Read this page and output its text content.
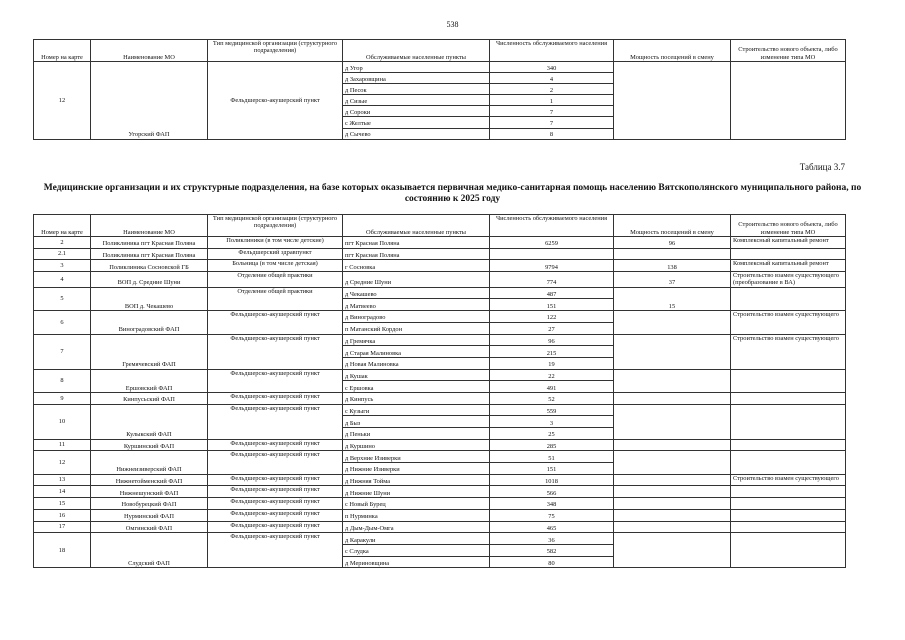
538
Номер на карте	Наименование МО	Тип медицинской организации (структурного подразделения)	Обслуживаемые населенные пункты	Численность обслуживаемого населения	Мощность посещений в смену	Строительство нового объекта, либо изменение типа МО
12	Угорский ФАП	Фельдшерско-акушерский пункт	д Угор	340		
			д Захаровщина	4		
			д Песок	2		
			д Сизые	1		
			д Сороки	7		
			с Желтые	7		
			д Сычево	8		
Таблица 3.7
Медицинские организации и их структурные подразделения, на базе которых оказывается первичная медико-санитарная помощь населению Вятскополянского муниципального района, по состоянию к 2025 году
Номер на карте	Наименование МО	Тип медицинской организации (структурного подразделения)	Обслуживаемые населенные пункты	Численность обслуживаемого населения	Мощность посещений в смену	Строительство нового объекта, либо изменение типа МО
2	Поликлиника пгт Красная Поляна	Поликлиники (в том числе детские)	пгт Красная Поляна	6259	96	Комплексный капитальный ремонт
2.1	Поликлиника пгт Красная Поляна	Фельдшерский здравпункт	пгт Красная Поляна			
3	Поликлиника Сосновской ГБ	Больница (в том числе детская)	г Сосновка	9794	138	Комплексный капитальный ремонт
4	ВОП д. Средние Шуни	Отделение общей практики	д Средние Шуни	774	37	Строительство взамен существующего (преобразование в ВА)
5	ВОП д. Чекашево	Отделение общей практики	д Чекашево	487	15	
			д Матвеево	151		
6	Виноградовский ФАП	Фельдшерско-акушерский пункт	д Виноградово	122		Строительство взамен существующего
			п Матанский Кордон	27		
7	Гремячевский ФАП	Фельдшерско-акушерский пункт	д Гремячка	96		Строительство взамен существующего
			д Старая Малиновка	215		
			д Новая Малиновка	19		
8	Ершовский ФАП	Фельдшерско-акушерский пункт	д Кушак	22		
			с Ершовка	491		
9	Кинпусьский ФАП	Фельдшерско-акушерский пункт	д Кинпусь	52		
10	Кулыкский ФАП	Фельдшерско-акушерский пункт	с Кузыги	559		
			д Быз	3		
			д Пеньки	25		
11	Куршинский ФАП	Фельдшерско-акушерский пункт	д Куршино	285		
12	Нижнеизиверский ФАП	Фельдшерско-акушерский пункт	д Верхние Изиверки	51		
			д Нижние Изиверки	151		
13	Нижнетойменский ФАП	Фельдшерско-акушерский пункт	д Нижняя Тойма	1018		Строительство взамен существующего
14	Нижнешунский ФАП	Фельдшерско-акушерский пункт	д Нижние Шуни	566		
15	Новобурецкий ФАП	Фельдшерско-акушерский пункт	с Новый Бурец	348		
16	Нурминский ФАП	Фельдшерско-акушерский пункт	п Нурминка	75		
17	Омгинский ФАП	Фельдшерско-акушерский пункт	д Дым-Дым-Омга	465		
18	Слудский ФАП	Фельдшерско-акушерский пункт	д Каракули	36		
			с Слудка	582		
			д Мериновщина	80		
